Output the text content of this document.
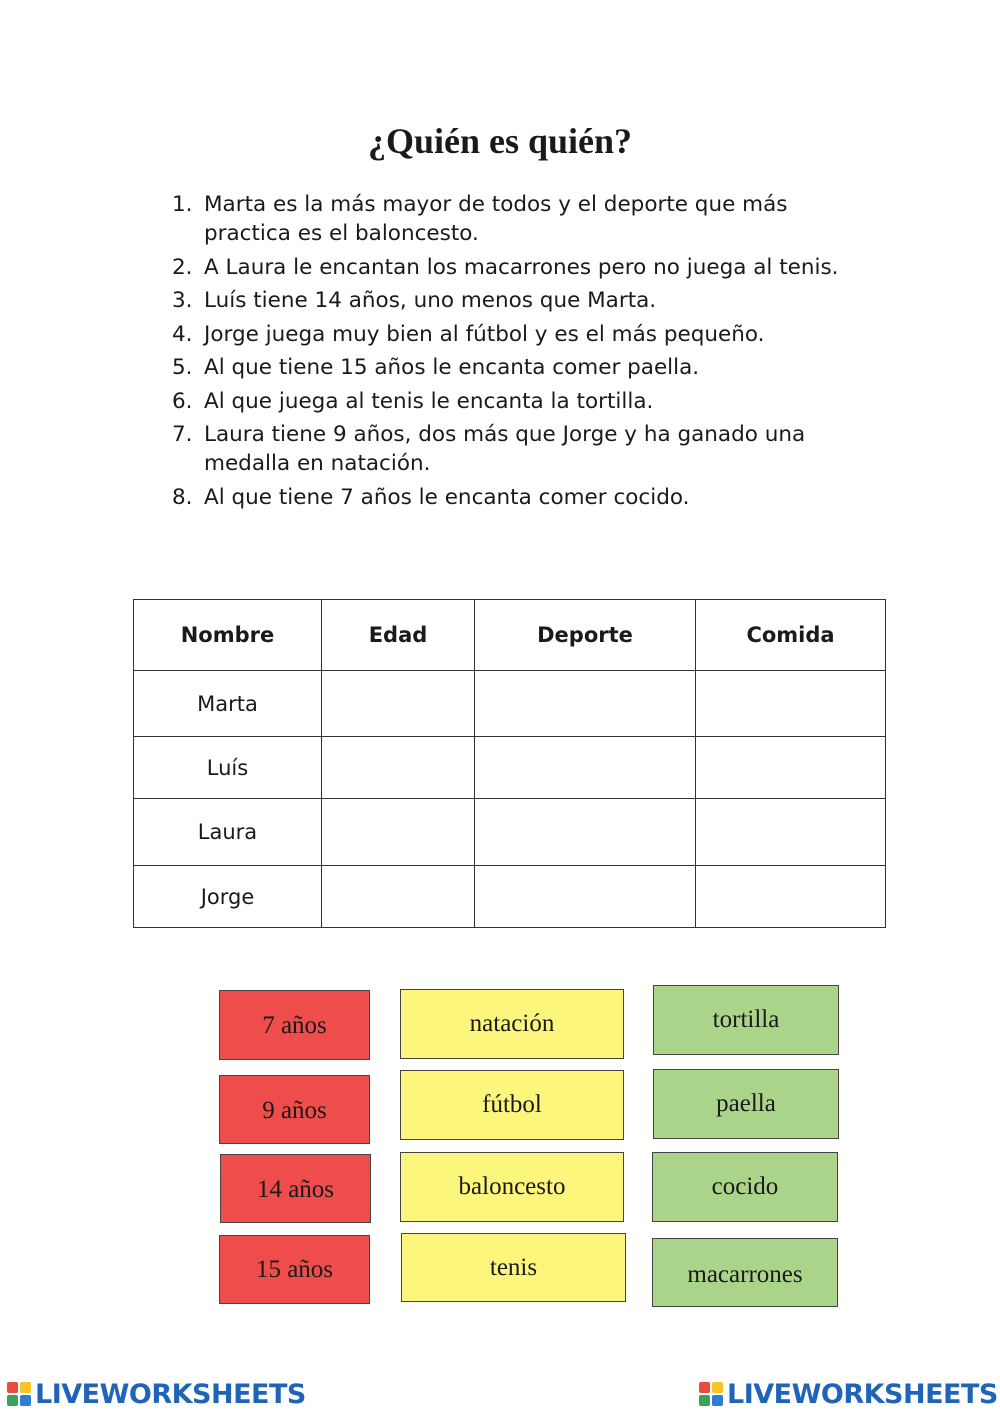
¿Quién es quién?
1. Marta es la más mayor de todos y el deporte que más practica es el baloncesto.
2. A Laura le encantan los macarrones pero no juega al tenis.
3. Luís tiene 14 años, uno menos que Marta.
4. Jorge juega muy bien al fútbol y es el más pequeño.
5. Al que tiene 15 años le encanta comer paella.
6. Al que juega al tenis le encanta la tortilla.
7. Laura tiene 9 años, dos más que Jorge y ha ganado una medalla en natación.
8. Al que tiene 7 años le encanta comer cocido.
Nombre	Edad	Deporte	Comida
Marta			
Luís			
Laura			
Jorge			
7 años
9 años
14 años
15 años
natación
fútbol
baloncesto
tenis
tortilla
paella
cocido
macarrones
LIVEWORKSHEETS	LIVEWORKSHEETS
